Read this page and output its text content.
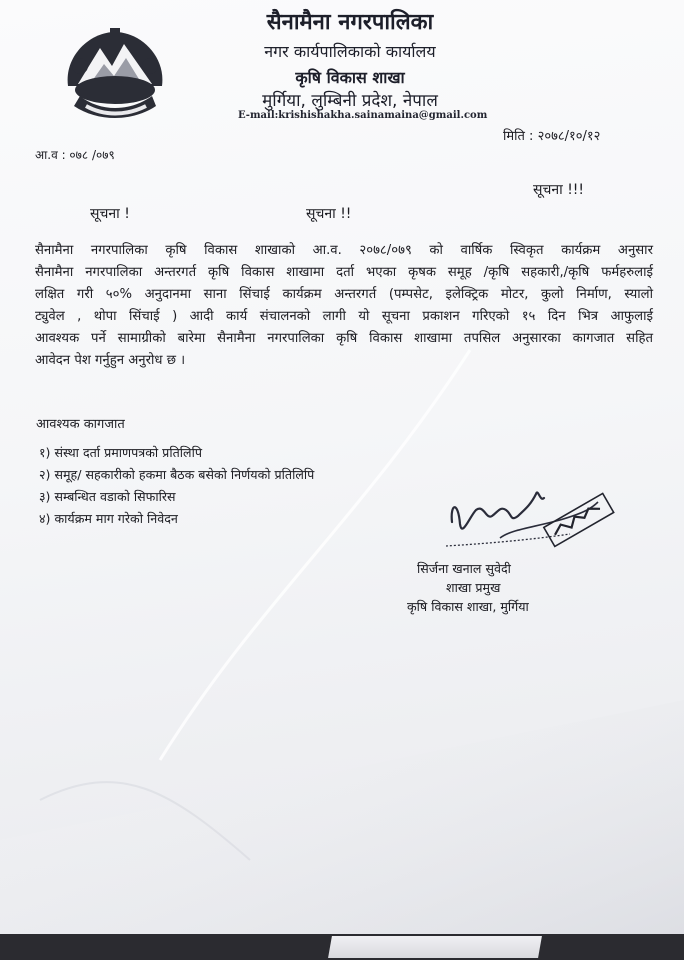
सैनामैना नगरपालिका
नगर कार्यपालिकाको कार्यालय
कृषि विकास शाखा
मुर्गिया, लुम्बिनी प्रदेश, नेपाल
E-mail:krishishakha.sainamaina@gmail.com
मिति : २०७८/१०/१२
आ.व : ०७८ /०७९
सूचना !	सूचना !!
सूचना !!!
सैनामैना नगरपालिका कृषि विकास शाखाको आ.व. २०७८/०७९ को वार्षिक स्विकृत कार्यक्रम अनुसार
सैनामैना नगरपालिका अन्तरगर्त कृषि विकास शाखामा दर्ता भएका कृषक समूह /कृषि सहकारी,/कृषि फर्महरुलाई
लक्षित गरी ५०% अनुदानमा साना सिंचाई कार्यक्रम अन्तरगर्त (पम्पसेट, इलेक्ट्रिक मोटर, कुलो निर्माण, स्यालो
ट्युवेल , थोपा सिंचाई ) आदी कार्य संचालनको लागी यो सूचना प्रकाशन गरिएको १५ दिन भित्र आफुलाई
आवश्यक पर्ने सामाग्रीको बारेमा सैनामैना नगरपालिका कृषि विकास शाखामा तपसिल अनुसारका कागजात सहित
आवेदन पेश गर्नुहुन अनुरोध छ ।
आवश्यक कागजात
१) संस्था दर्ता प्रमाणपत्रको प्रतिलिपि
२) समूह/ सहकारीको हकमा बैठक बसेको निर्णयको प्रतिलिपि
३) सम्बन्धित वडाको सिफारिस
४) कार्यक्रम माग गरेको निवेदन
सिर्जना खनाल सुवेदी
शाखा प्रमुख
कृषि विकास शाखा, मुर्गिया
